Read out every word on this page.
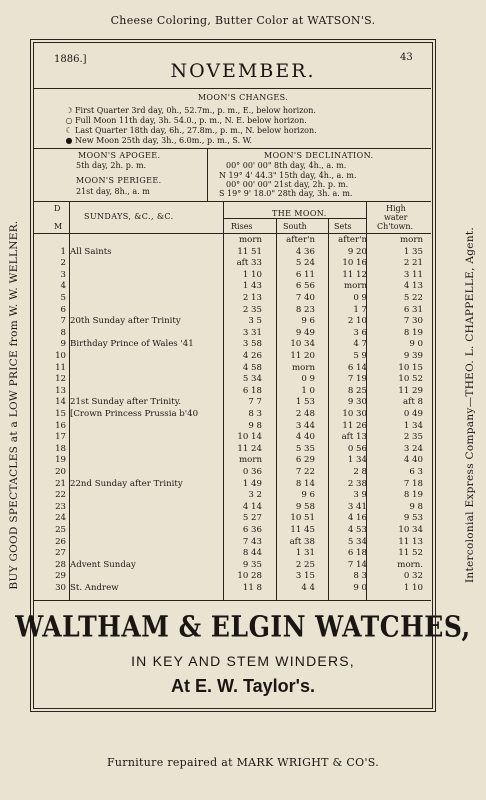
Cheese Coloring, Butter Color at WATSON'S.
BUY GOOD SPECTACLES at a LOW PRICE from W. W. WELLNER.	Intercolonial Express Company—THEO. L. CHAPPELLE, Agent.
1886.]	43
NOVEMBER.
MOON'S CHANGES.
☽ First Quarter 3rd day, 0h., 52.7m., p. m., E., below horizon.
○ Full Moon 11th day, 3h. 54.0., p. m., N. E. below horizon.
☾ Last Quarter 18th day, 6h., 27.8m., p. m., N. below horizon.
● New Moon 25th day, 3h., 6.0m., p. m., S. W.
MOON'S APOGEE.
5th day, 2h. p. m.
MOON'S PERIGEE.
21st day, 8h., a. m
MOON'S DECLINATION.
00° 00' 00" 8th day, 4h., a. m.
N 19° 4' 44.3" 15th day, 4h., a. m.
00° 00' 00" 21st day, 2h. p. m.
S 19° 9' 18.0" 28th day, 3h. a. m.
D
M
SUNDAYS, &C., &C.	THE MOON.
Rises	South	Sets
High
water
Ch'town.
morn	after'n	after'n	morn
1 All Saints	11 51	4 36	9 20	1 35
2	aft 33	5 24	10 16	2 21
3	1 10	6 11	11 12	3 11
4	1 43	6 56	morn	4 13
5	2 13	7 40	0 9	5 22
6	2 35	8 23	1 7	6 31
7 20th Sunday after Trinity	3 5	9 6	2 10	7 30
8	3 31	9 49	3 6	8 19
9 Birthday Prince of Wales '41	3 58	10 34	4 7	9 0
10	4 26	11 20	5 9	9 39
11	4 58	morn	6 14	10 15
12	5 34	0 9	7 19	10 52
13	6 18	1 0	8 25	11 29
14 21st Sunday after Trinity.	7 7	1 53	9 30	aft 8
15 [Crown Princess Prussia b'40	8 3	2 48	10 30	0 49
16	9 8	3 44	11 26	1 34
17	10 14	4 40	aft 13	2 35
18	11 24	5 35	0 56	3 24
19	morn	6 29	1 34	4 40
20	0 36	7 22	2 8	6 3
21 22nd Sunday after Trinity	1 49	8 14	2 38	7 18
22	3 2	9 6	3 9	8 19
23	4 14	9 58	3 41	9 8
24	5 27	10 51	4 16	9 53
25	6 36	11 45	4 53	10 34
26	7 43	aft 38	5 34	11 13
27	8 44	1 31	6 18	11 52
28 Advent Sunday	9 35	2 25	7 14	morn.
29	10 28	3 15	8 3	0 32
30 St. Andrew	11 8	4 4	9 0	1 10
WALTHAM & ELGIN WATCHES,
IN KEY AND STEM WINDERS,
At E. W. Taylor's.
Furniture repaired at MARK WRIGHT & CO'S.
